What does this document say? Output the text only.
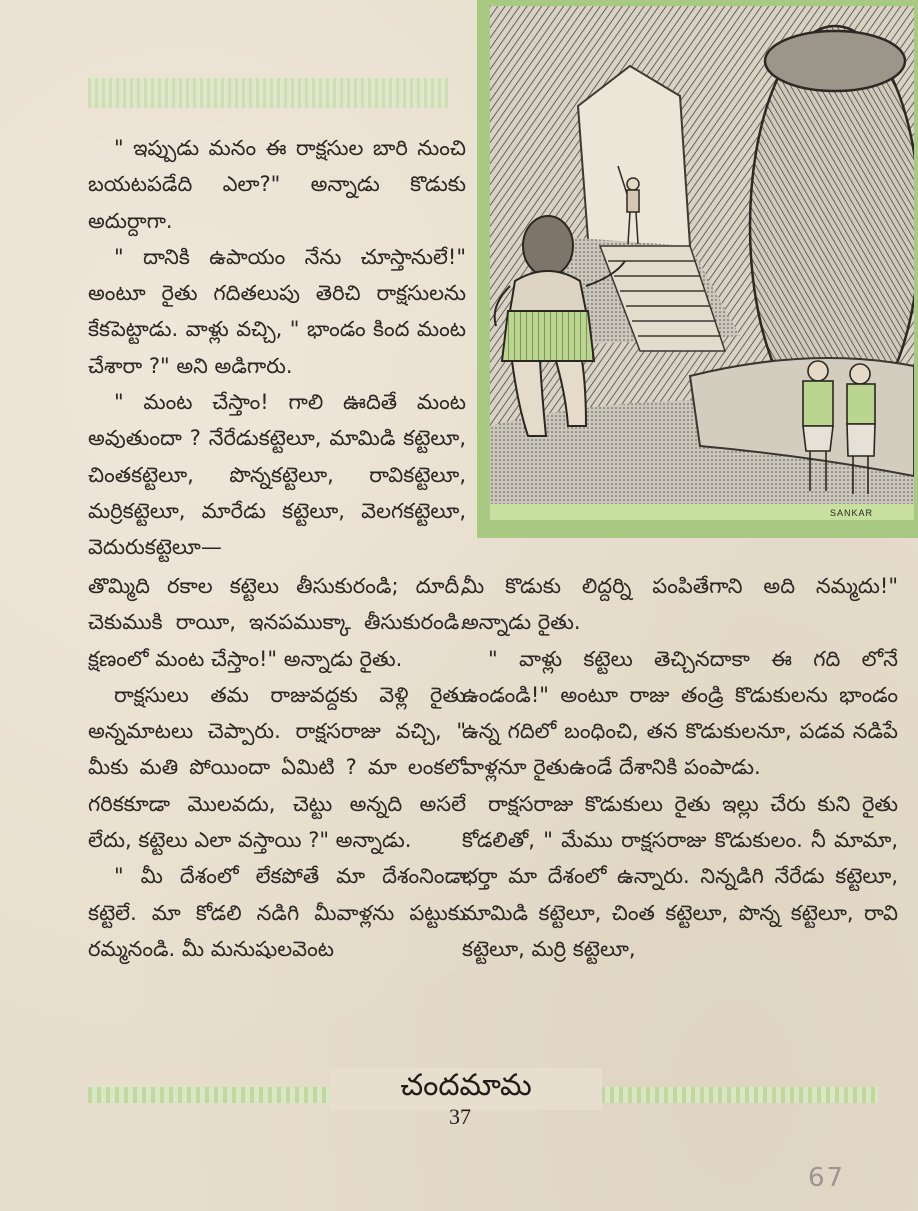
SANKAR

" ఇప్పుడు మనం ఈ రాక్షసుల బారి నుంచి బయటపడేది ఎలా?" అన్నాడు కొడుకు అదుర్దాగా.

" దానికి ఉపాయం నేను చూస్తానులే!" అంటూ రైతు గదితలుపు తెరిచి రాక్షసులను కేకపెట్టాడు. వాళ్లు వచ్చి, " భాండం కింద మంట చేశారా ?" అని అడిగారు.

" మంట చేస్తాం! గాలి ఊదితే మంట అవుతుందా ? నేరేడుకట్టెలూ, మామిడి కట్టెలూ, చింతకట్టెలూ, పొన్నకట్టెలూ, రావికట్టెలూ, మర్రికట్టెలూ, మారేడు కట్టెలూ, వెలగకట్టెలూ, వెదురుకట్టెలూ—

తొమ్మిది రకాల కట్టెలు తీసుకురండి; దూదీ, చెకుముకి రాయీ, ఇనపముక్కా తీసుకురండి. క్షణంలో మంట చేస్తాం!" అన్నాడు రైతు.

రాక్షసులు తమ రాజువద్దకు వెళ్లి రైతు అన్నమాటలు చెప్పారు. రాక్షసరాజు వచ్చి, " మీకు మతి పోయిందా ఏమిటి ? మా లంకలో గరికకూడా మొలవదు, చెట్టు అన్నది అసలే లేదు, కట్టెలు ఎలా వస్తాయి ?" అన్నాడు.

" మీ దేశంలో లేకపోతే మా దేశంనిండా కట్టెలే. మా కోడలి నడిగి మీవాళ్లను పట్టుకు రమ్మనండి. మీ మనుషులవెంట

మీ కొడుకు లిద్దర్ని పంపితేగాని అది నమ్మదు!" అన్నాడు రైతు.

" వాళ్లు కట్టెలు తెచ్చినదాకా ఈ గది లోనే ఉండండి!" అంటూ రాజు తండ్రి కొడుకులను భాండం ఉన్న గదిలో బంధించి, తన కొడుకులనూ, పడవ నడిపే వాళ్లనూ రైతుఉండే దేశానికి పంపాడు.

రాక్షసరాజు కొడుకులు రైతు ఇల్లు చేరు కుని రైతు కోడలితో, " మేము రాక్షసరాజు కొడుకులం. నీ మామా, భర్తా మా దేశంలో ఉన్నారు. నిన్నడిగి నేరేడు కట్టెలూ, మామిడి కట్టెలూ, చింత కట్టెలూ, పొన్న కట్టెలూ, రావి కట్టెలూ, మర్రి కట్టెలూ,

చందమామ
37
67
